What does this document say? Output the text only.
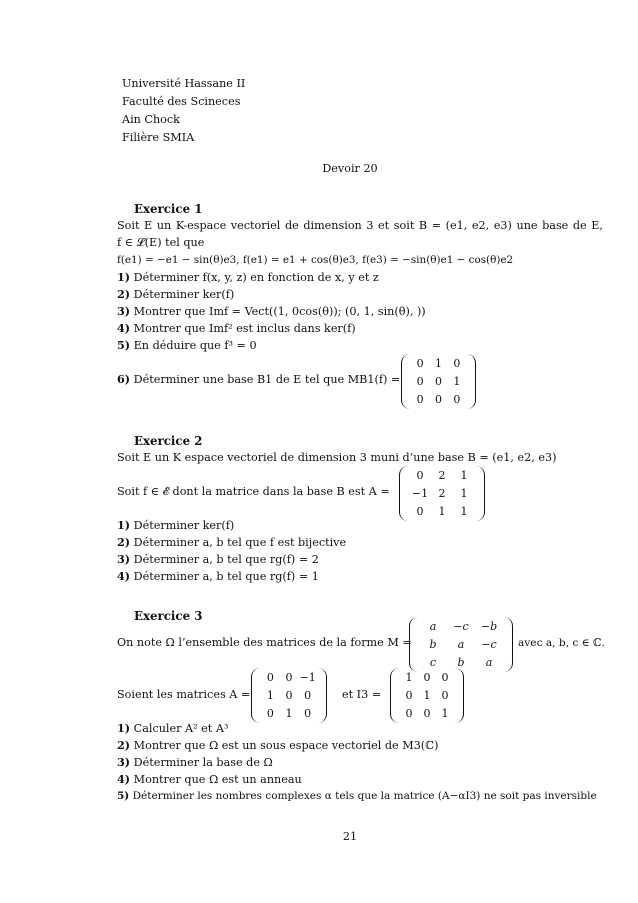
Université Hassane II
Faculté des Scineces
Ain Chock
Filière SMIA
Devoir 20
Exercice 1
Soit E un K-espace vectoriel de dimension 3 et soit B = (e1, e2, e3) une base de E,
f ∈ 𝓛(E) tel que
f(e1) = −e1 − sin(θ)e3, f(e1) = e1 + cos(θ)e3, f(e3) = −sin(θ)e1 − cos(θ)e2
1) Déterminer f(x, y, z) en fonction de x, y et z
2) Déterminer ker(f)
3) Montrer que Imf = Vect((1, 0cos(θ)); (0, 1, sin(θ), ))
4) Montrer que Imf² est inclus dans ker(f)
5) En déduire que f³ = 0
6) Déterminer une base B1 de E tel que MB1(f) =
0	1	0
0	0	1
0	0	0
Exercice 2
Soit E un K espace vectoriel de dimension 3 muni d’une base B = (e1, e2, e3)
Soit f ∈ 𝓔 dont la matrice dans la base B est A =
0	2	1
−1 2	1
0	1	1
1) Déterminer ker(f)
2) Déterminer a, b tel que f est bijective
3) Déterminer a, b tel que rg(f) = 2
4) Déterminer a, b tel que rg(f) = 1
Exercice 3
On note Ω l’ensemble des matrices de la forme M =
a	−c	−b
b	a	−c
c	b	a
avec a, b, c ∈ ℂ.
Soient les matrices A =
0	0 −1
1	0	0
0	1	0
et I3 =
1	0	0
0	1	0
0	0	1
1) Calculer A² et A³
2) Montrer que Ω est un sous espace vectoriel de M3(ℂ)
3) Déterminer la base de Ω
4) Montrer que Ω est un anneau
5) Déterminer les nombres complexes α tels que la matrice (A−αI3) ne soit pas inversible
21
